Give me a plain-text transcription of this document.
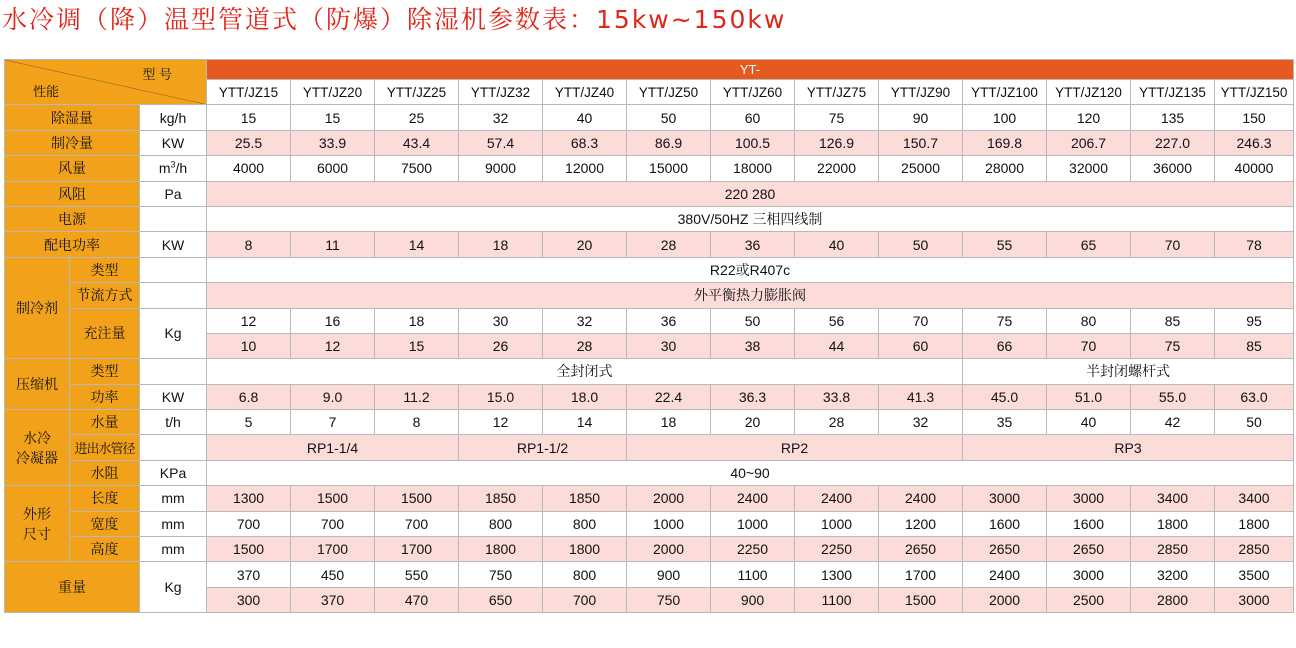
水冷调（降）温型管道式（防爆）除湿机参数表：15kw~150kw
型 号
性能			YT-												
			YTT/JZ15	YTT/JZ20	YTT/JZ25	YTT/JZ32	YTT/JZ40	YTT/JZ50	YTT/JZ60	YTT/JZ75	YTT/JZ90	YTT/JZ100	YTT/JZ120	YTT/JZ135	YTT/JZ150
除湿量		kg/h	15	15	25	32	40	50	60	75	90	100	120	135	150
制冷量		KW	25.5	33.9	43.4	57.4	68.3	86.9	100.5	126.9	150.7	169.8	206.7	227.0	246.3
风量		$m^3/h$	4000	6000	7500	9000	12000	15000	18000	22000	25000	28000	32000	36000	40000
风阻		Pa	220 280												
电源			380V/50HZ 三相四线制												
配电功率		KW	8	11	14	18	20	28	36	40	50	55	65	70	78
制冷剂	类型		R22或R407c												
	节流方式		外平衡热力膨胀阀												
	充注量	Kg	12	16	18	30	32	36	50	56	70	75	80	85	95
			10	12	15	26	28	30	38	44	60	66	70	75	85
压缩机	类型		全封闭式									半封闭螺杆式			
	功率	KW	6.8	9.0	11.2	15.0	18.0	22.4	36.3	33.8	41.3	45.0	51.0	55.0	63.0

水冷
冷凝器	水量	t/h	5	7	8	12	14	18	20	28	32	35	40	42	50
	进出水管径		RP1-1/4			RP1-1/2		RP2				RP3			
	水阻	KPa	40~90												

外形
尺寸	长度	mm	1300	1500	1500	1850	1850	2000	2400	2400	2400	3000	3000	3400	3400
	宽度	mm	700	700	700	800	800	1000	1000	1000	1200	1600	1600	1800	1800
	高度	mm	1500	1700	1700	1800	1800	2000	2250	2250	2650	2650	2650	2850	2850
重量		Kg	370	450	550	750	800	900	1100	1300	1700	2400	3000	3200	3500
			300	370	470	650	700	750	900	1100	1500	2000	2500	2800	3000
